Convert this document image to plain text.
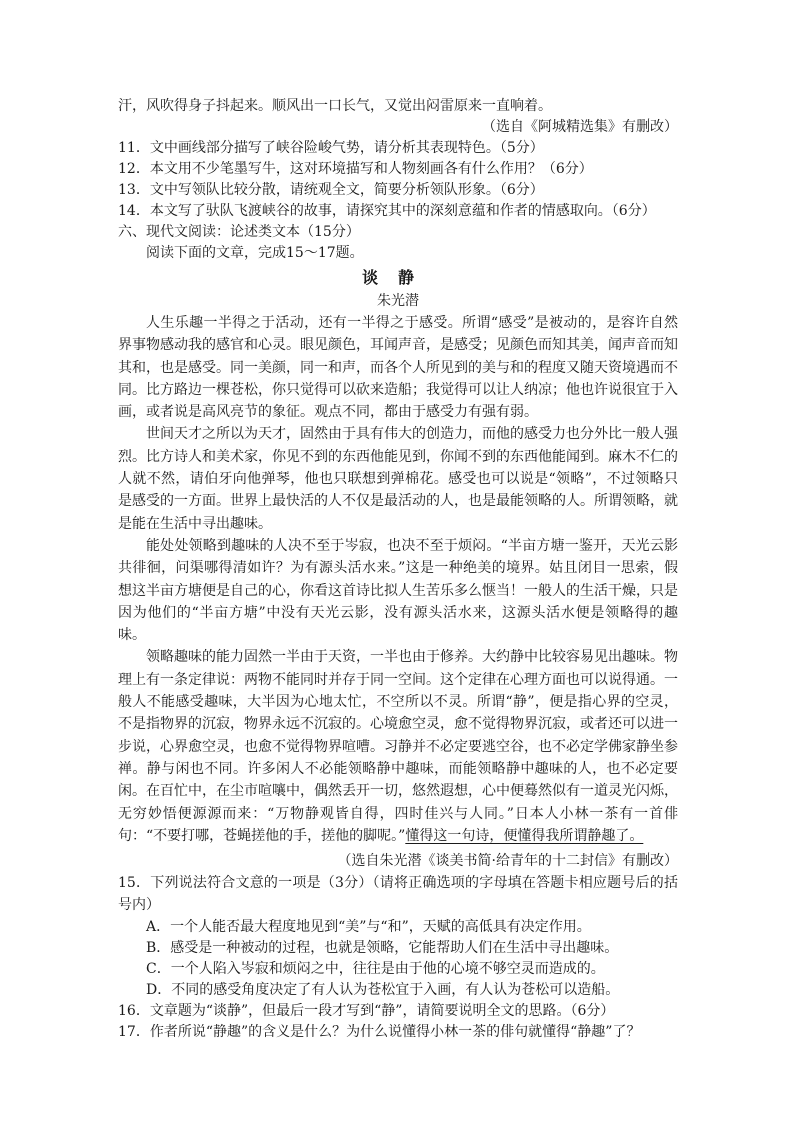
汗，风吹得身子抖起来。顺风出一口长气，又觉出闷雷原来一直响着。
（选自《阿城精选集》有删改）
11．文中画线部分描写了峡谷险峻气势，请分析其表现特色。（5分）
12．本文用不少笔墨写牛，这对环境描写和人物刻画各有什么作用？（6分）
13．文中写领队比较分散，请统观全文，简要分析领队形象。（6分）
14．本文写了驮队飞渡峡谷的故事，请探究其中的深刻意蕴和作者的情感取向。（6分）
六、现代文阅读：论述类文本（15分）
阅读下面的文章，完成15～17题。
谈静
朱光潜
人生乐趣一半得之于活动，还有一半得之于感受。所谓“感受”是被动的，是容许自然界事物感动我的感官和心灵。眼见颜色，耳闻声音，是感受；见颜色而知其美，闻声音而知其和，也是感受。同一美颜，同一和声，而各个人所见到的美与和的程度又随天资境遇而不同。比方路边一棵苍松，你只觉得可以砍来造船；我觉得可以让人纳凉；他也许说很宜于入画，或者说是高风亮节的象征。观点不同，都由于感受力有强有弱。
世间天才之所以为天才，固然由于具有伟大的创造力，而他的感受力也分外比一般人强烈。比方诗人和美术家，你见不到的东西他能见到，你闻不到的东西他能闻到。麻木不仁的人就不然，请伯牙向他弹琴，他也只联想到弹棉花。感受也可以说是“领略”，不过领略只是感受的一方面。世界上最快活的人不仅是最活动的人，也是最能领略的人。所谓领略，就是能在生活中寻出趣味。
能处处领略到趣味的人决不至于岑寂，也决不至于烦闷。“半亩方塘一鉴开，天光云影共徘徊，问渠哪得清如许？为有源头活水来。”这是一种绝美的境界。姑且闭目一思索，假想这半亩方塘便是自己的心，你看这首诗比拟人生苦乐多么惬当！一般人的生活干燥，只是因为他们的“半亩方塘”中没有天光云影，没有源头活水来，这源头活水便是领略得的趣味。
领略趣味的能力固然一半由于天资，一半也由于修养。大约静中比较容易见出趣味。物理上有一条定律说：两物不能同时并存于同一空间。这个定律在心理方面也可以说得通。一般人不能感受趣味，大半因为心地太忙，不空所以不灵。所谓“静”，便是指心界的空灵，不是指物界的沉寂，物界永远不沉寂的。心境愈空灵，愈不觉得物界沉寂，或者还可以进一步说，心界愈空灵，也愈不觉得物界喧嘈。习静并不必定要逃空谷，也不必定学佛家静坐参禅。静与闲也不同。许多闲人不必能领略静中趣味，而能领略静中趣味的人，也不必定要闲。在百忙中，在尘市喧嚷中，偶然丢开一切，悠然遐想，心中便蓦然似有一道灵光闪烁，无穷妙悟便源源而来：“万物静观皆自得，四时佳兴与人同。”日本人小林一茶有一首俳句：“不要打哪，苍蝇搓他的手，搓他的脚呢。”懂得这一句诗，便懂得我所谓静趣了。
（选自朱光潜《谈美书简·给青年的十二封信》有删改）
15．下列说法符合文意的一项是（3分）（请将正确选项的字母填在答题卡相应题号后的括号内）
A．一个人能否最大程度地见到“美”与“和”，天赋的高低具有决定作用。
B．感受是一种被动的过程，也就是领略，它能帮助人们在生活中寻出趣味。
C．一个人陷入岑寂和烦闷之中，往往是由于他的心境不够空灵而造成的。
D．不同的感受角度决定了有人认为苍松宜于入画，有人认为苍松可以造船。
16．文章题为“谈静”，但最后一段才写到“静”，请简要说明全文的思路。（6分）
17．作者所说“静趣”的含义是什么？为什么说懂得小林一茶的俳句就懂得“静趣”了？
